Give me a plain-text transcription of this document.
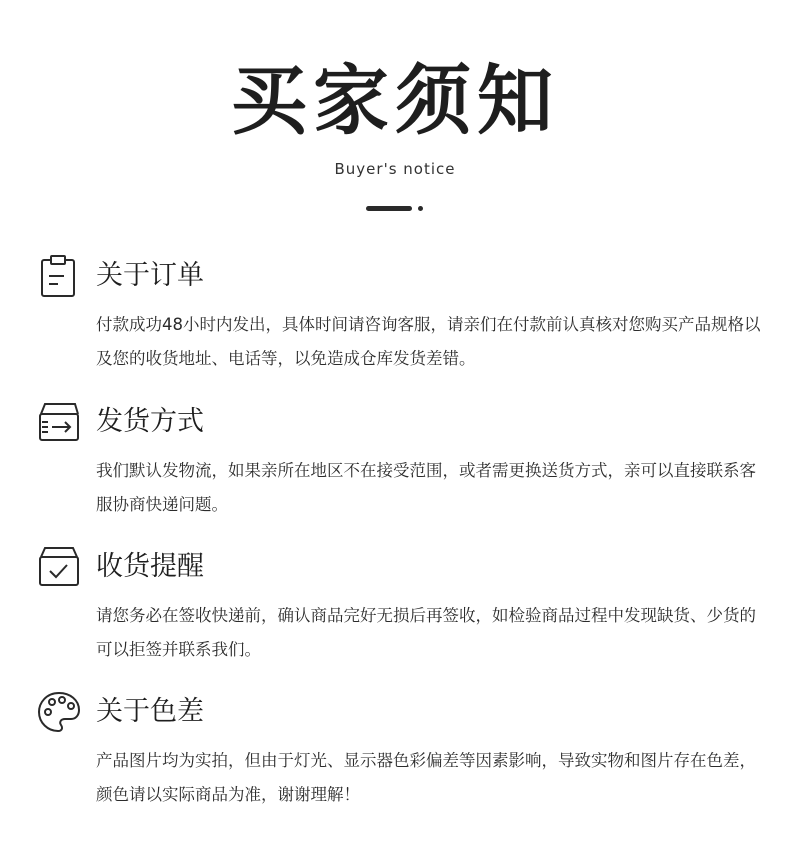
买家须知
Buyer's notice
关于订单
付款成功48小时内发出，具体时间请咨询客服，请亲们在付款前认真核对您购买产品规格以及您的收货地址、电话等，以免造成仓库发货差错。
发货方式
我们默认发物流，如果亲所在地区不在接受范围，或者需更换送货方式，亲可以直接联系客服协商快递问题。
收货提醒
请您务必在签收快递前，确认商品完好无损后再签收，如检验商品过程中发现缺货、少货的可以拒签并联系我们。
关于色差
产品图片均为实拍，但由于灯光、显示器色彩偏差等因素影响，导致实物和图片存在色差，颜色请以实际商品为准，谢谢理解！
